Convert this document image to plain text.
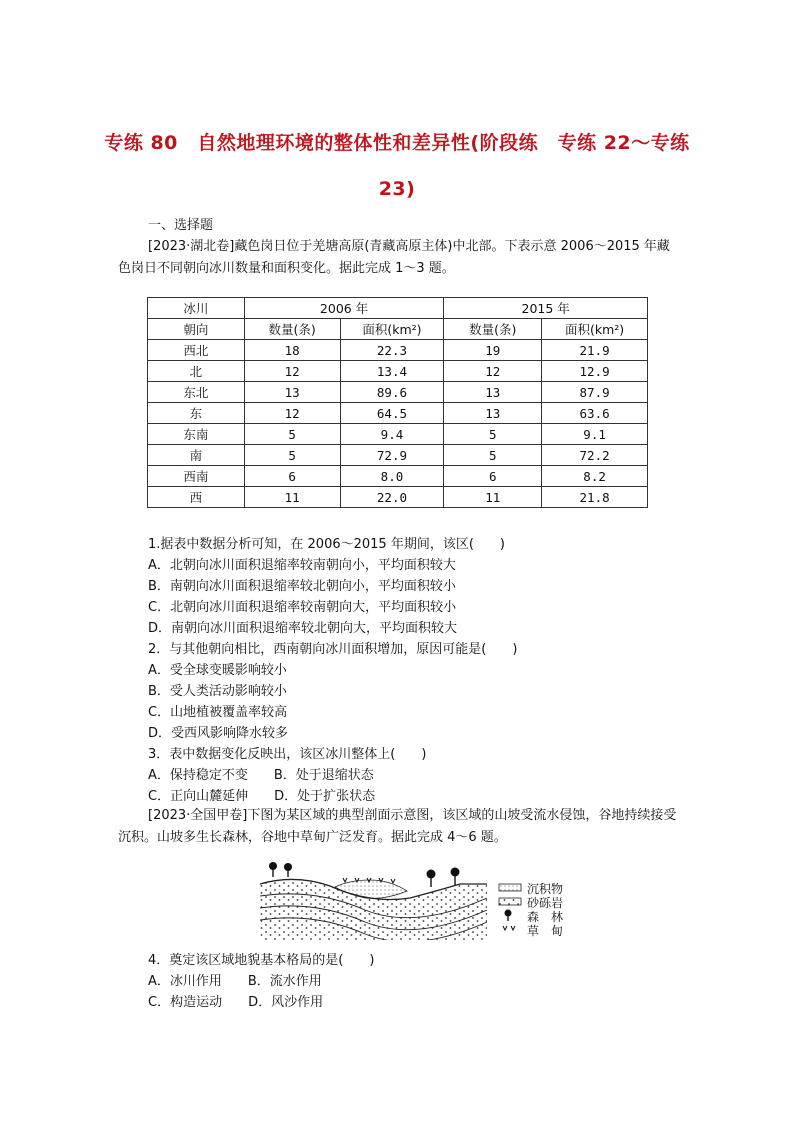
专练 80　自然地理环境的整体性和差异性(阶段练　专练 22～专练
23)
一、选择题
[2023·湖北卷]藏色岗日位于羌塘高原(青藏高原主体)中北部。下表示意 2006～2015 年藏色岗日不同朝向冰川数量和面积变化。据此完成 1～3 题。
冰川	2006 年		2015 年	
朝向	数量(条)	面积(km²)	数量(条)	面积(km²)
西北	18	22.3	19	21.9
北	12	13.4	12	12.9
东北	13	89.6	13	87.9
东	12	64.5	13	63.6
东南	5	9.4	5	9.1
南	5	72.9	5	72.2
西南	6	8.0	6	8.2
西	11	22.0	11	21.8
1.据表中数据分析可知，在 2006～2015 年期间，该区(　　)
A．北朝向冰川面积退缩率较南朝向小，平均面积较大
B．南朝向冰川面积退缩率较北朝向小，平均面积较小
C．北朝向冰川面积退缩率较南朝向大，平均面积较小
D．南朝向冰川面积退缩率较北朝向大，平均面积较大
2．与其他朝向相比，西南朝向冰川面积增加，原因可能是(　　)
A．受全球变暖影响较小
B．受人类活动影响较小
C．山地植被覆盖率较高
D．受西风影响降水较多
3．表中数据变化反映出，该区冰川整体上(　　)
A．保持稳定不变　　B．处于退缩状态
C．正向山麓延伸　　D．处于扩张状态
[2023·全国甲卷]下图为某区域的典型剖面示意图，该区域的山坡受流水侵蚀，谷地持续接受沉积。山坡多生长森林，谷地中草甸广泛发育。据此完成 4～6 题。
沉积物
砂砾岩
森　林
草　甸
4．奠定该区域地貌基本格局的是(　　)
A．冰川作用　　B．流水作用
C．构造运动　　D．风沙作用
